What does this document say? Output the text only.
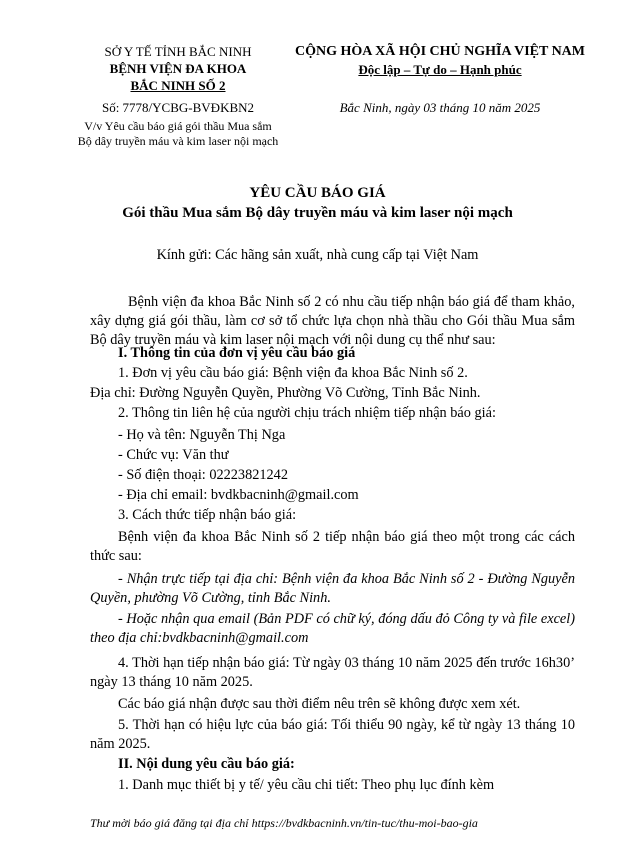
SỞ Y TẾ TỈNH BẮC NINH
BỆNH VIỆN ĐA KHOA
BẮC NINH SỐ 2
Số: 7778/YCBG-BVĐKBN2
V/v Yêu cầu báo giá gói thầu Mua sắm
Bộ dây truyền máu và kim laser nội mạch
CỘNG HÒA XÃ HỘI CHỦ NGHĨA VIỆT NAM
Độc lập – Tự do – Hạnh phúc
Bắc Ninh, ngày 03 tháng 10 năm 2025
YÊU CẦU BÁO GIÁ
Gói thầu Mua sắm Bộ dây truyền máu và kim laser nội mạch
Kính gửi: Các hãng sản xuất, nhà cung cấp tại Việt Nam
Bệnh viện đa khoa Bắc Ninh số 2 có nhu cầu tiếp nhận báo giá để tham khảo, xây dựng giá gói thầu, làm cơ sở tổ chức lựa chọn nhà thầu cho Gói thầu Mua sắm Bộ dây truyền máu và kim laser nội mạch với nội dung cụ thể như sau:
I. Thông tin của đơn vị yêu cầu báo giá
1. Đơn vị yêu cầu báo giá: Bệnh viện đa khoa Bắc Ninh số 2.
Địa chỉ: Đường Nguyễn Quyền, Phường Võ Cường, Tỉnh Bắc Ninh.
2. Thông tin liên hệ của người chịu trách nhiệm tiếp nhận báo giá:
- Họ và tên: Nguyễn Thị Nga
- Chức vụ: Văn thư
- Số điện thoại: 02223821242
- Địa chỉ email: bvdkbacninh@gmail.com
3. Cách thức tiếp nhận báo giá:
Bệnh viện đa khoa Bắc Ninh số 2 tiếp nhận báo giá theo một trong các cách thức sau:
- Nhận trực tiếp tại địa chỉ: Bệnh viện đa khoa Bắc Ninh số 2 - Đường Nguyễn Quyền, phường Võ Cường, tỉnh Bắc Ninh.
- Hoặc nhận qua email (Bản PDF có chữ ký, đóng dấu đỏ Công ty và file excel) theo địa chỉ:bvdkbacninh@gmail.com
4. Thời hạn tiếp nhận báo giá: Từ ngày 03 tháng 10 năm 2025 đến trước 16h30’ ngày 13 tháng 10 năm 2025.
Các báo giá nhận được sau thời điểm nêu trên sẽ không được xem xét.
5. Thời hạn có hiệu lực của báo giá: Tối thiểu 90 ngày, kể từ ngày 13 tháng 10 năm 2025.
II. Nội dung yêu cầu báo giá:
1. Danh mục thiết bị y tế/ yêu cầu chi tiết: Theo phụ lục đính kèm
Thư mời báo giá đăng tại địa chỉ https://bvdkbacninh.vn/tin-tuc/thu-moi-bao-gia
